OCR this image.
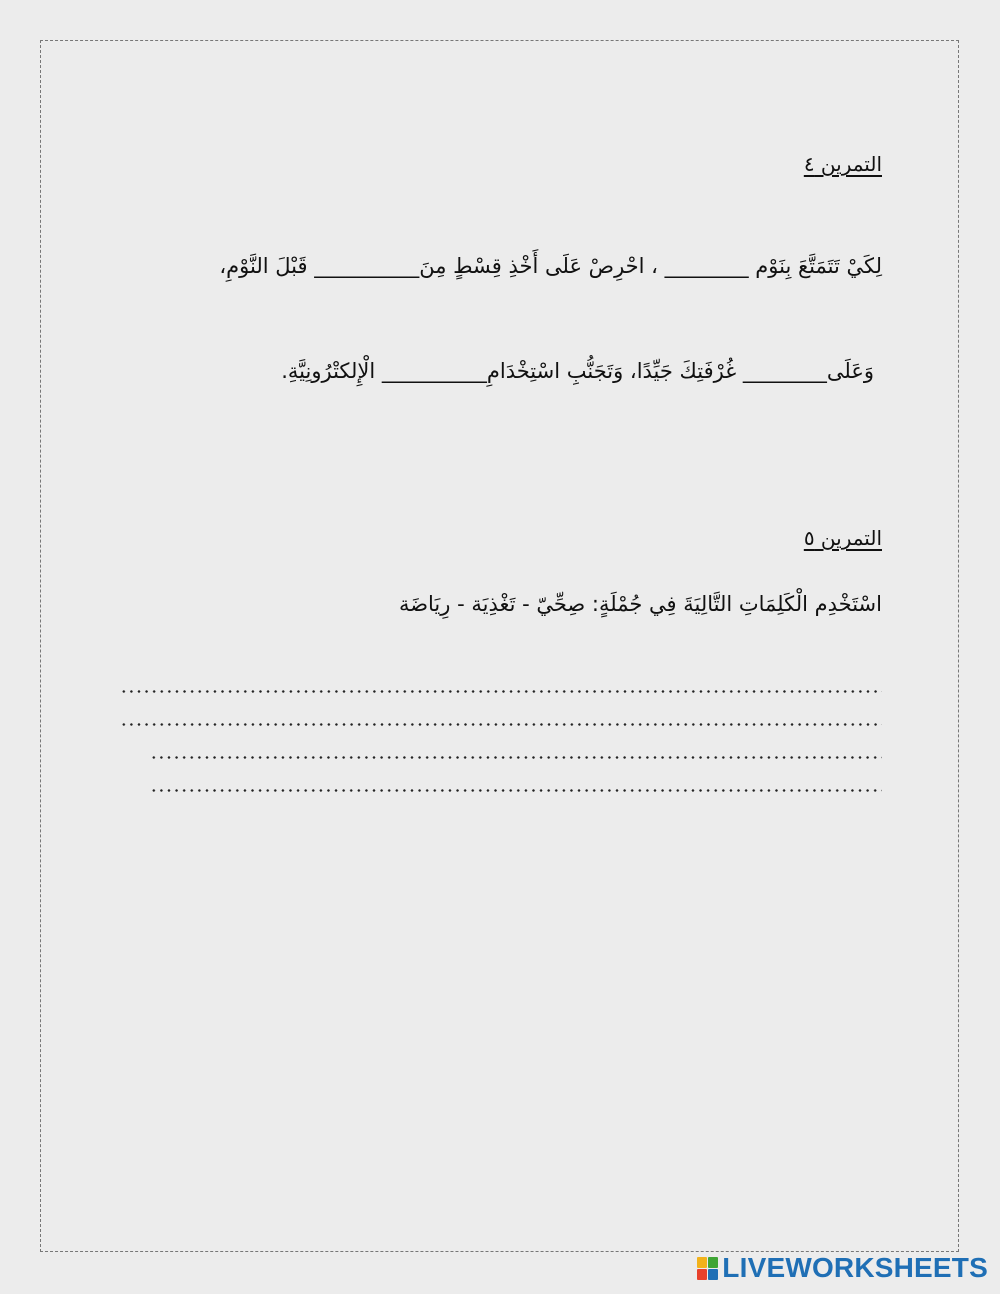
التمرين ٤
لِكَيْ تَتَمَتَّعَ بِنَوْم ________ ، احْرِصْ عَلَى أَخْذِ قِسْطٍ مِنَ__________ قَبْلَ النَّوْمِ،
وَعَلَى________ غُرْفَتِكَ جَيِّدًا، وَتَجَنُّبِ اسْتِخْدَامِ__________ الْإِلكتْرُونِيَّةِ.
التمرين ٥
اسْتَخْدِم الْكَلِمَاتِ التَّالِيَةَ فِي جُمْلَةٍ: صِحِّيّ - تَغْذِيَة - رِيَاضَة
LIVEWORKSHEETS
